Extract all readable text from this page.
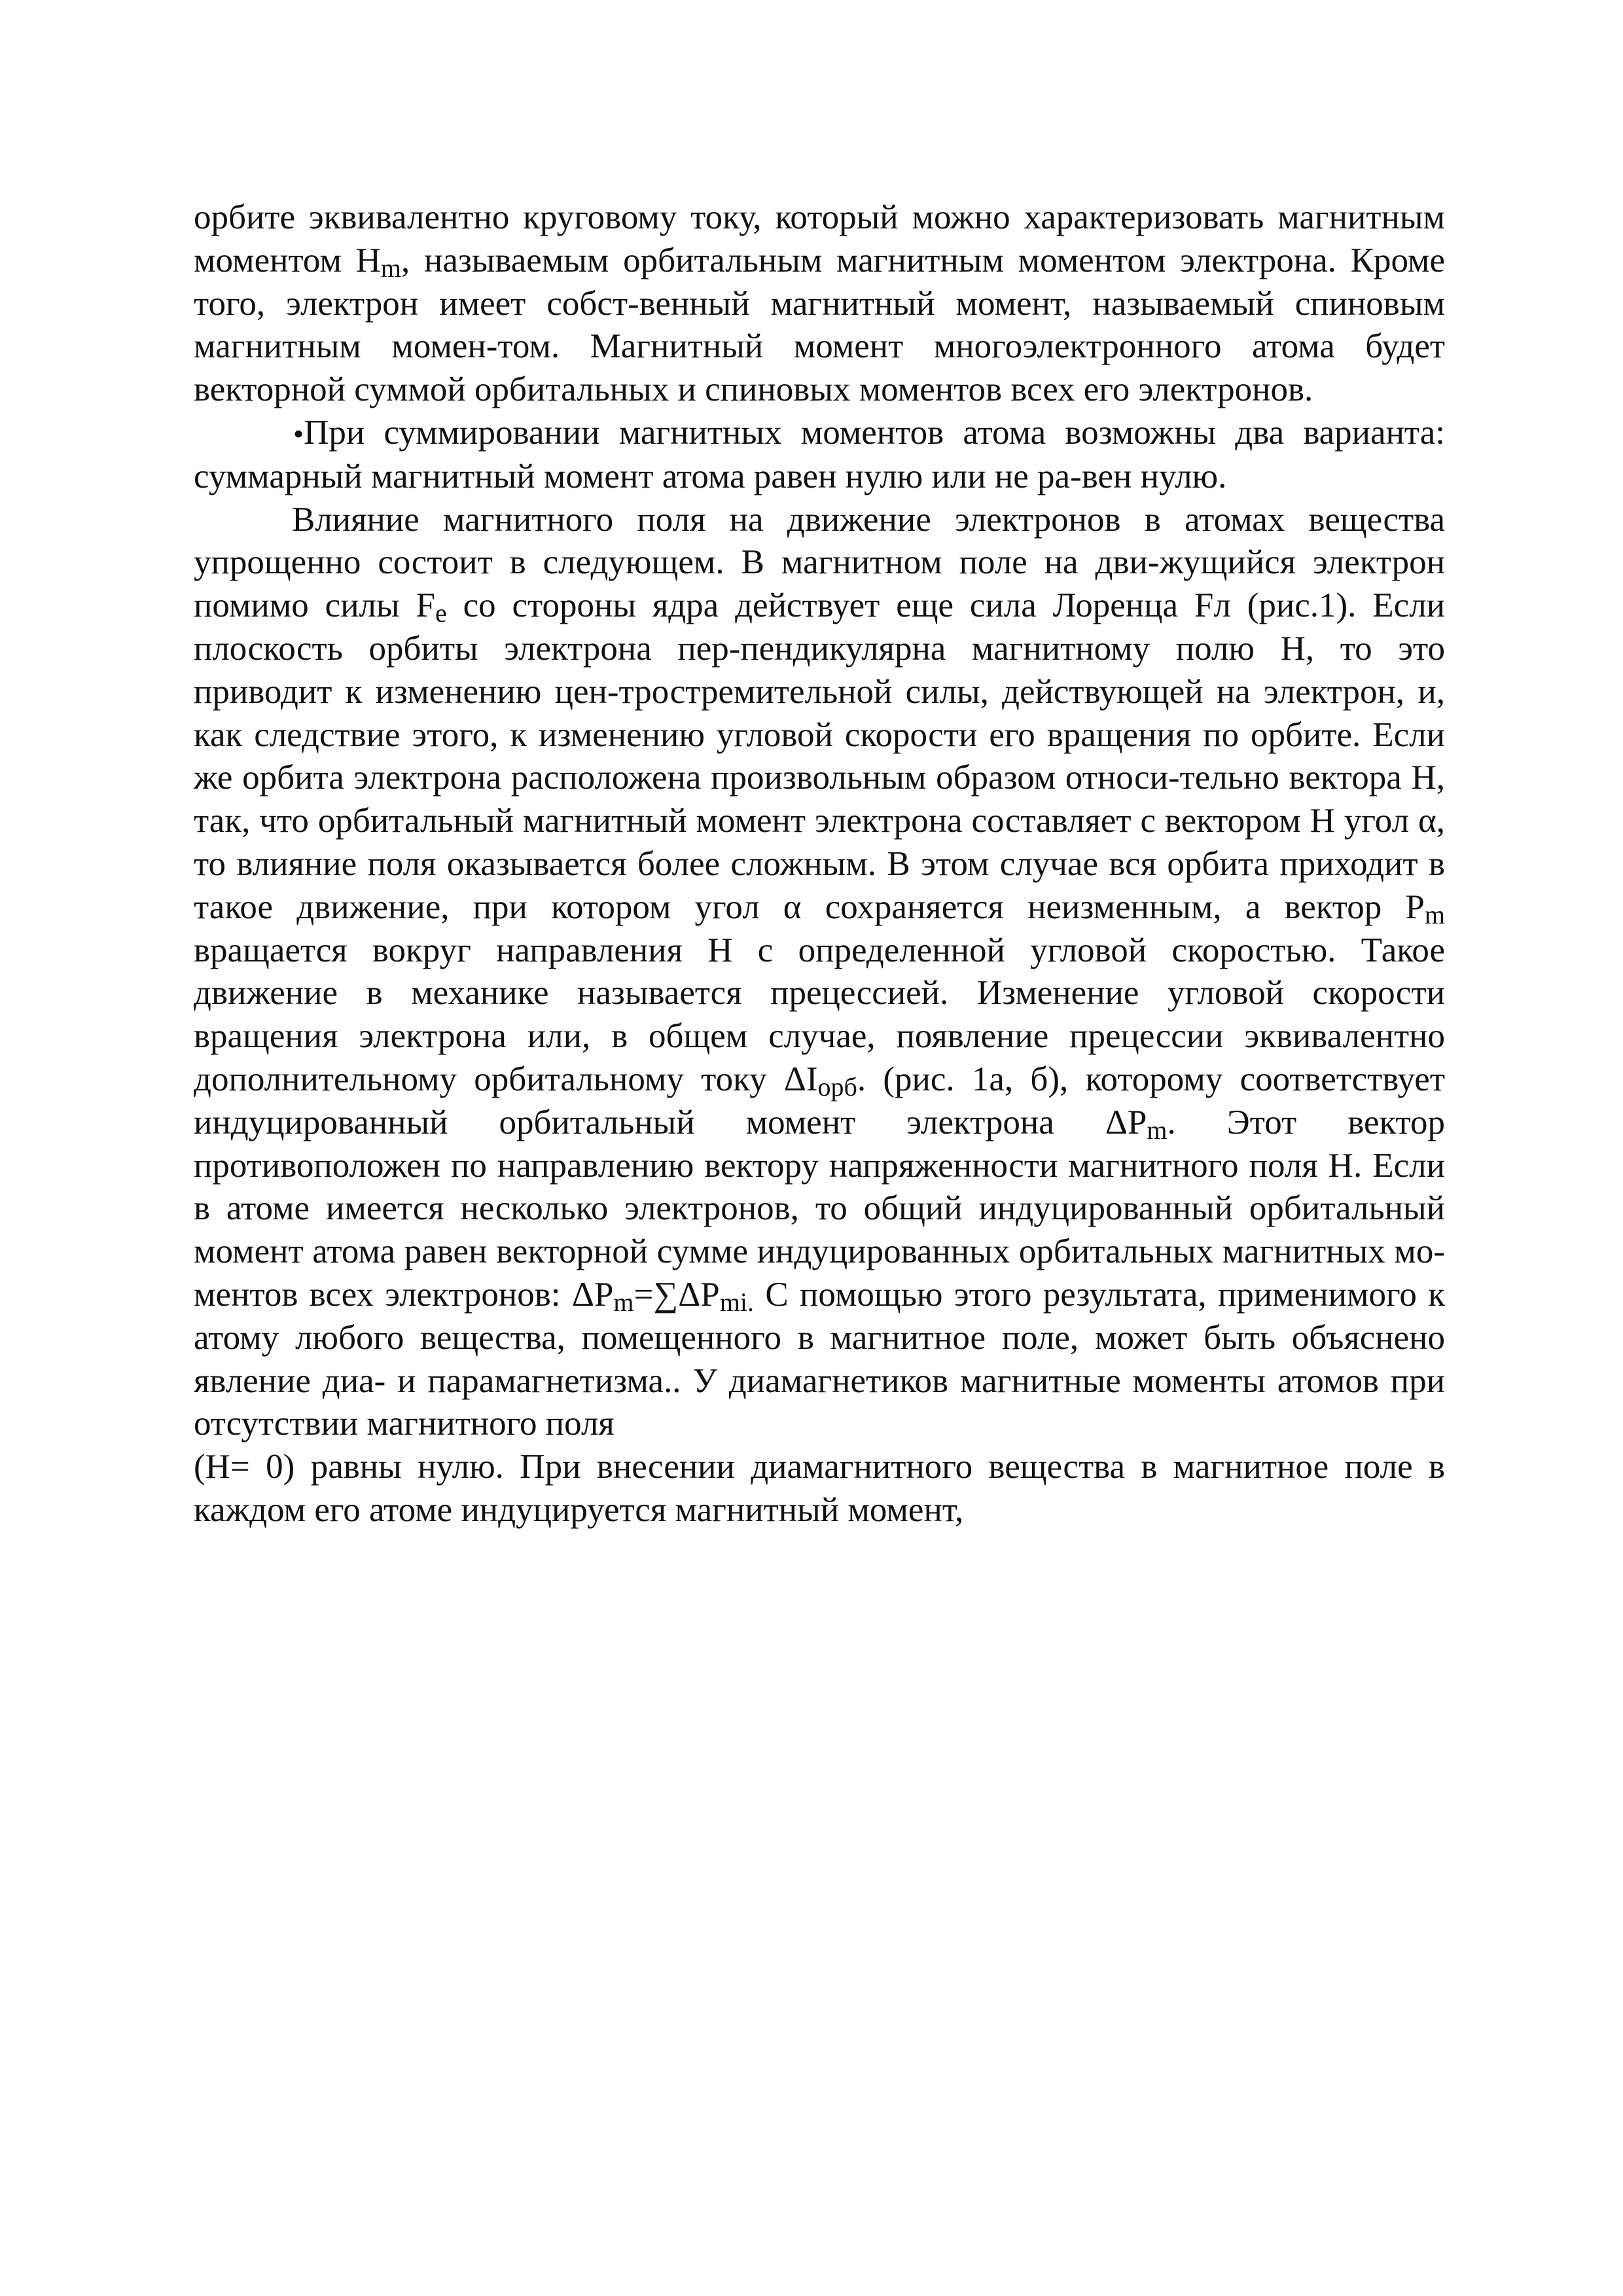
орбите эквивалентно круговому току, который можно характеризовать магнитным моментом $H_m$, называемым орбитальным магнитным моментом электрона. Кроме того, электрон имеет собст-венный магнитный момент, называемый спиновым магнитным момен-том. Магнитный момент многоэлектронного атома будет векторной суммой орбитальных и спиновых моментов всех его электронов.

•При суммировании магнитных моментов атома возможны два варианта: суммарный магнитный момент атома равен нулю или не ра-вен нулю.

Влияние магнитного поля на движение электронов в атомах вещества упрощенно состоит в следующем. В магнитном поле на дви-жущийся электрон помимо силы $F_e$ со стороны ядра действует еще сила Лоренца Fл (рис.1). Если плоскость орбиты электрона пер-пендикулярна магнитному полю H, то это приводит к изменению цен-тростремительной силы, действующей на электрон, и, как следствие этого, к изменению угловой скорости его вращения по орбите. Если же орбита электрона расположена произвольным образом относи-тельно вектора H, так, что орбитальный магнитный момент электрона составляет с вектором H угол α, то влияние поля оказывается более сложным. В этом случае вся орбита приходит в такое движение, при котором угол α сохраняется неизменным, а вектор $P_m$ вращается вокруг направления H с определенной угловой скоростью. Такое движение в механике называется прецессией. Изменение угловой скорости вращения электрона или, в общем случае, появление прецессии эквивалентно дополнительному орбитальному току $\Delta I_{орб}$. (рис. 1а, б), которому соответствует индуцированный орбитальный момент электрона $\Delta P_m$. Этот вектор противоположен по направлению вектору напряженности магнитного поля H. Если в атоме имеется несколько электронов, то общий индуцированный орбитальный момент атома равен векторной сумме индуцированных орбитальных магнитных мо-ментов всех электронов: $\Delta P_m=\sum\Delta P_{mi.}$ С помощью этого результата, применимого к атому любого вещества, помещенного в магнитное поле, может быть объяснено явление диа- и парамагнетизма.. У диамагнетиков магнитные моменты атомов при отсутствии магнитного поля

(H= 0) равны нулю. При внесении диамагнитного вещества в магнитное поле в каждом его атоме индуцируется магнитный момент,
